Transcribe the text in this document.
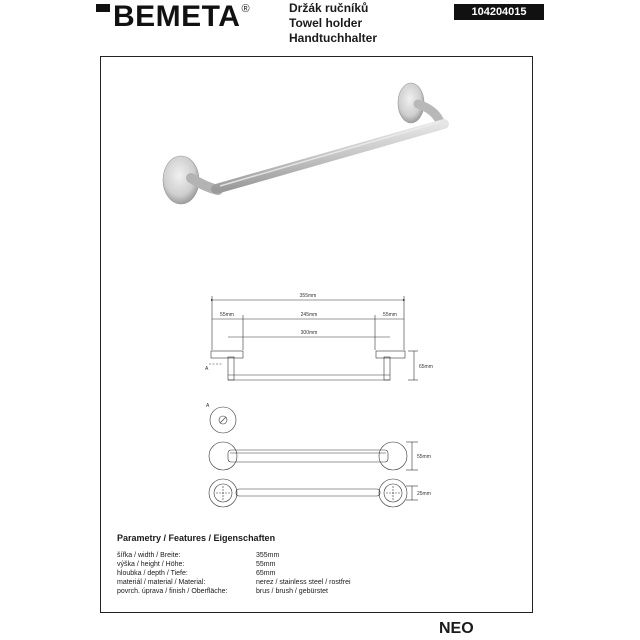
BEMETA ®	Držák ručníků
Towel holder
Handtuchhalter
104204015
355mm
55mm	245mm	55mm
300mm
65mm
A
A
55mm
25mm
Parametry / Features / Eigenschaften
šířka / width / Breite:	355mm
výška / height / Höhe:	55mm
hloubka / depth / Tiefe:	65mm
materiál / material / Material:	nerez / stainless steel / rostfrei
povrch. úprava / finish / Oberfläche:	brus / brush / gebürstet
NEO
